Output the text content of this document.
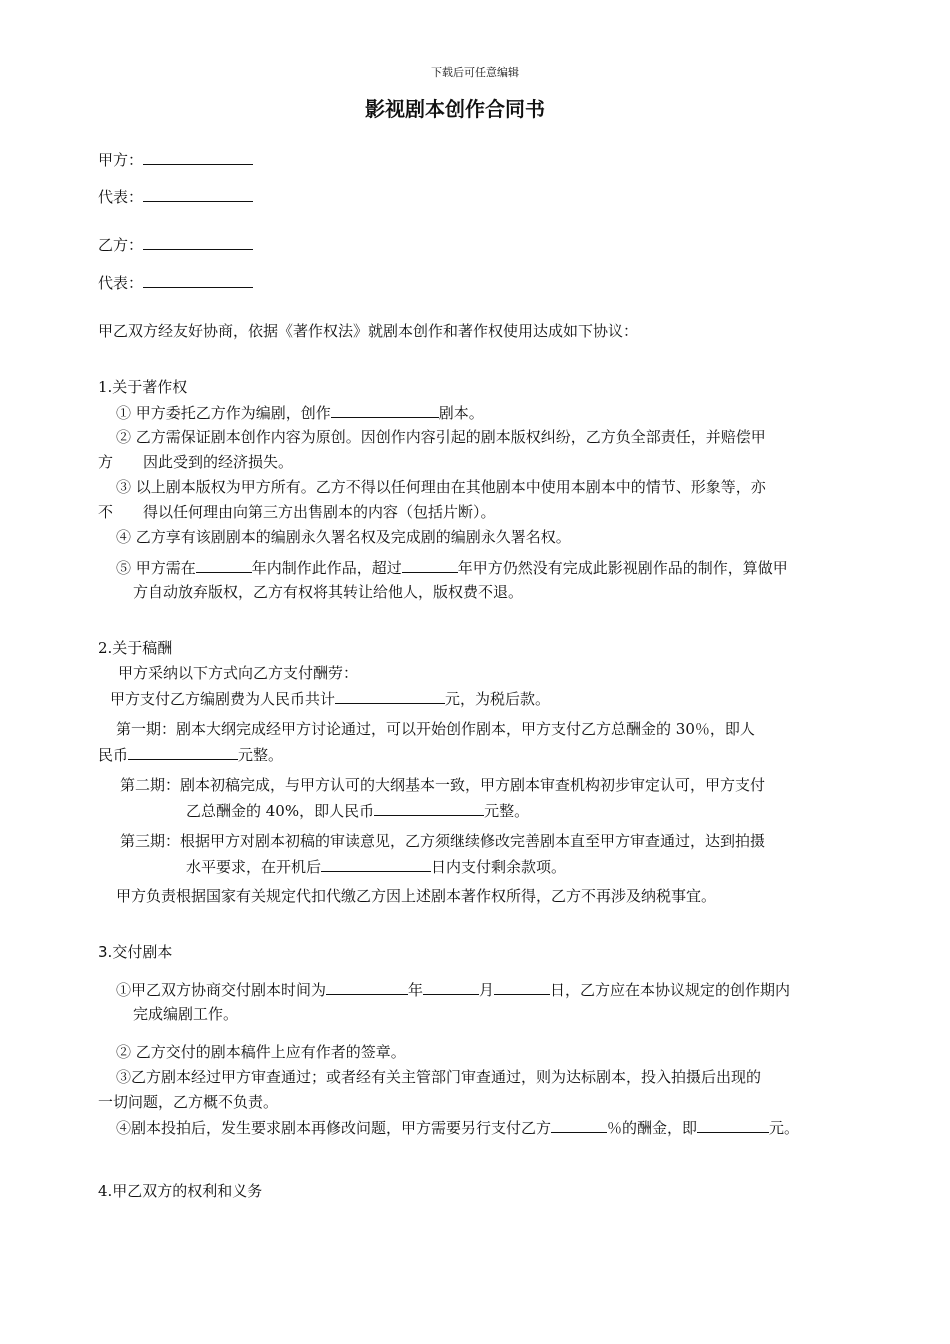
下载后可任意编辑
影视剧本创作合同书
甲方：
代表：
乙方：
代表：
甲乙双方经友好协商，依据《著作权法》就剧本创作和著作权使用达成如下协议：
1.关于著作权
① 甲方委托乙方作为编剧，创作	剧本。
② 乙方需保证剧本创作内容为原创。因创作内容引起的剧本版权纠纷，乙方负全部责任，并赔偿甲
方　　因此受到的经济损失。
③ 以上剧本版权为甲方所有。乙方不得以任何理由在其他剧本中使用本剧本中的情节、形象等，亦
不　　得以任何理由向第三方出售剧本的内容（包括片断）。
④ 乙方享有该剧剧本的编剧永久署名权及完成剧的编剧永久署名权。
⑤ 甲方需在	年内制作此作品，超过	年甲方仍然没有完成此影视剧作品的制作，算做甲
方自动放弃版权，乙方有权将其转让给他人，版权费不退。
2.关于稿酬
甲方采纳以下方式向乙方支付酬劳：
甲方支付乙方编剧费为人民币共计	元，为税后款。
第一期：剧本大纲完成经甲方讨论通过，可以开始创作剧本，甲方支付乙方总酬金的 30％，即人
民币	元整。
第二期：剧本初稿完成，与甲方认可的大纲基本一致，甲方剧本审查机构初步审定认可，甲方支付
乙总酬金的 40%，即人民币	元整。
第三期：根据甲方对剧本初稿的审读意见，乙方须继续修改完善剧本直至甲方审查通过，达到拍摄
水平要求，在开机后	日内支付剩余款项。
甲方负责根据国家有关规定代扣代缴乙方因上述剧本著作权所得，乙方不再涉及纳税事宜。
3.交付剧本
①甲乙双方协商交付剧本时间为	年	月	日，乙方应在本协议规定的创作期内
完成编剧工作。
② 乙方交付的剧本稿件上应有作者的签章。
③乙方剧本经过甲方审查通过；或者经有关主管部门审查通过，则为达标剧本，投入拍摄后出现的
一切问题，乙方概不负责。
④剧本投拍后，发生要求剧本再修改问题，甲方需要另行支付乙方	％的酬金，即	元。
4.甲乙双方的权利和义务
